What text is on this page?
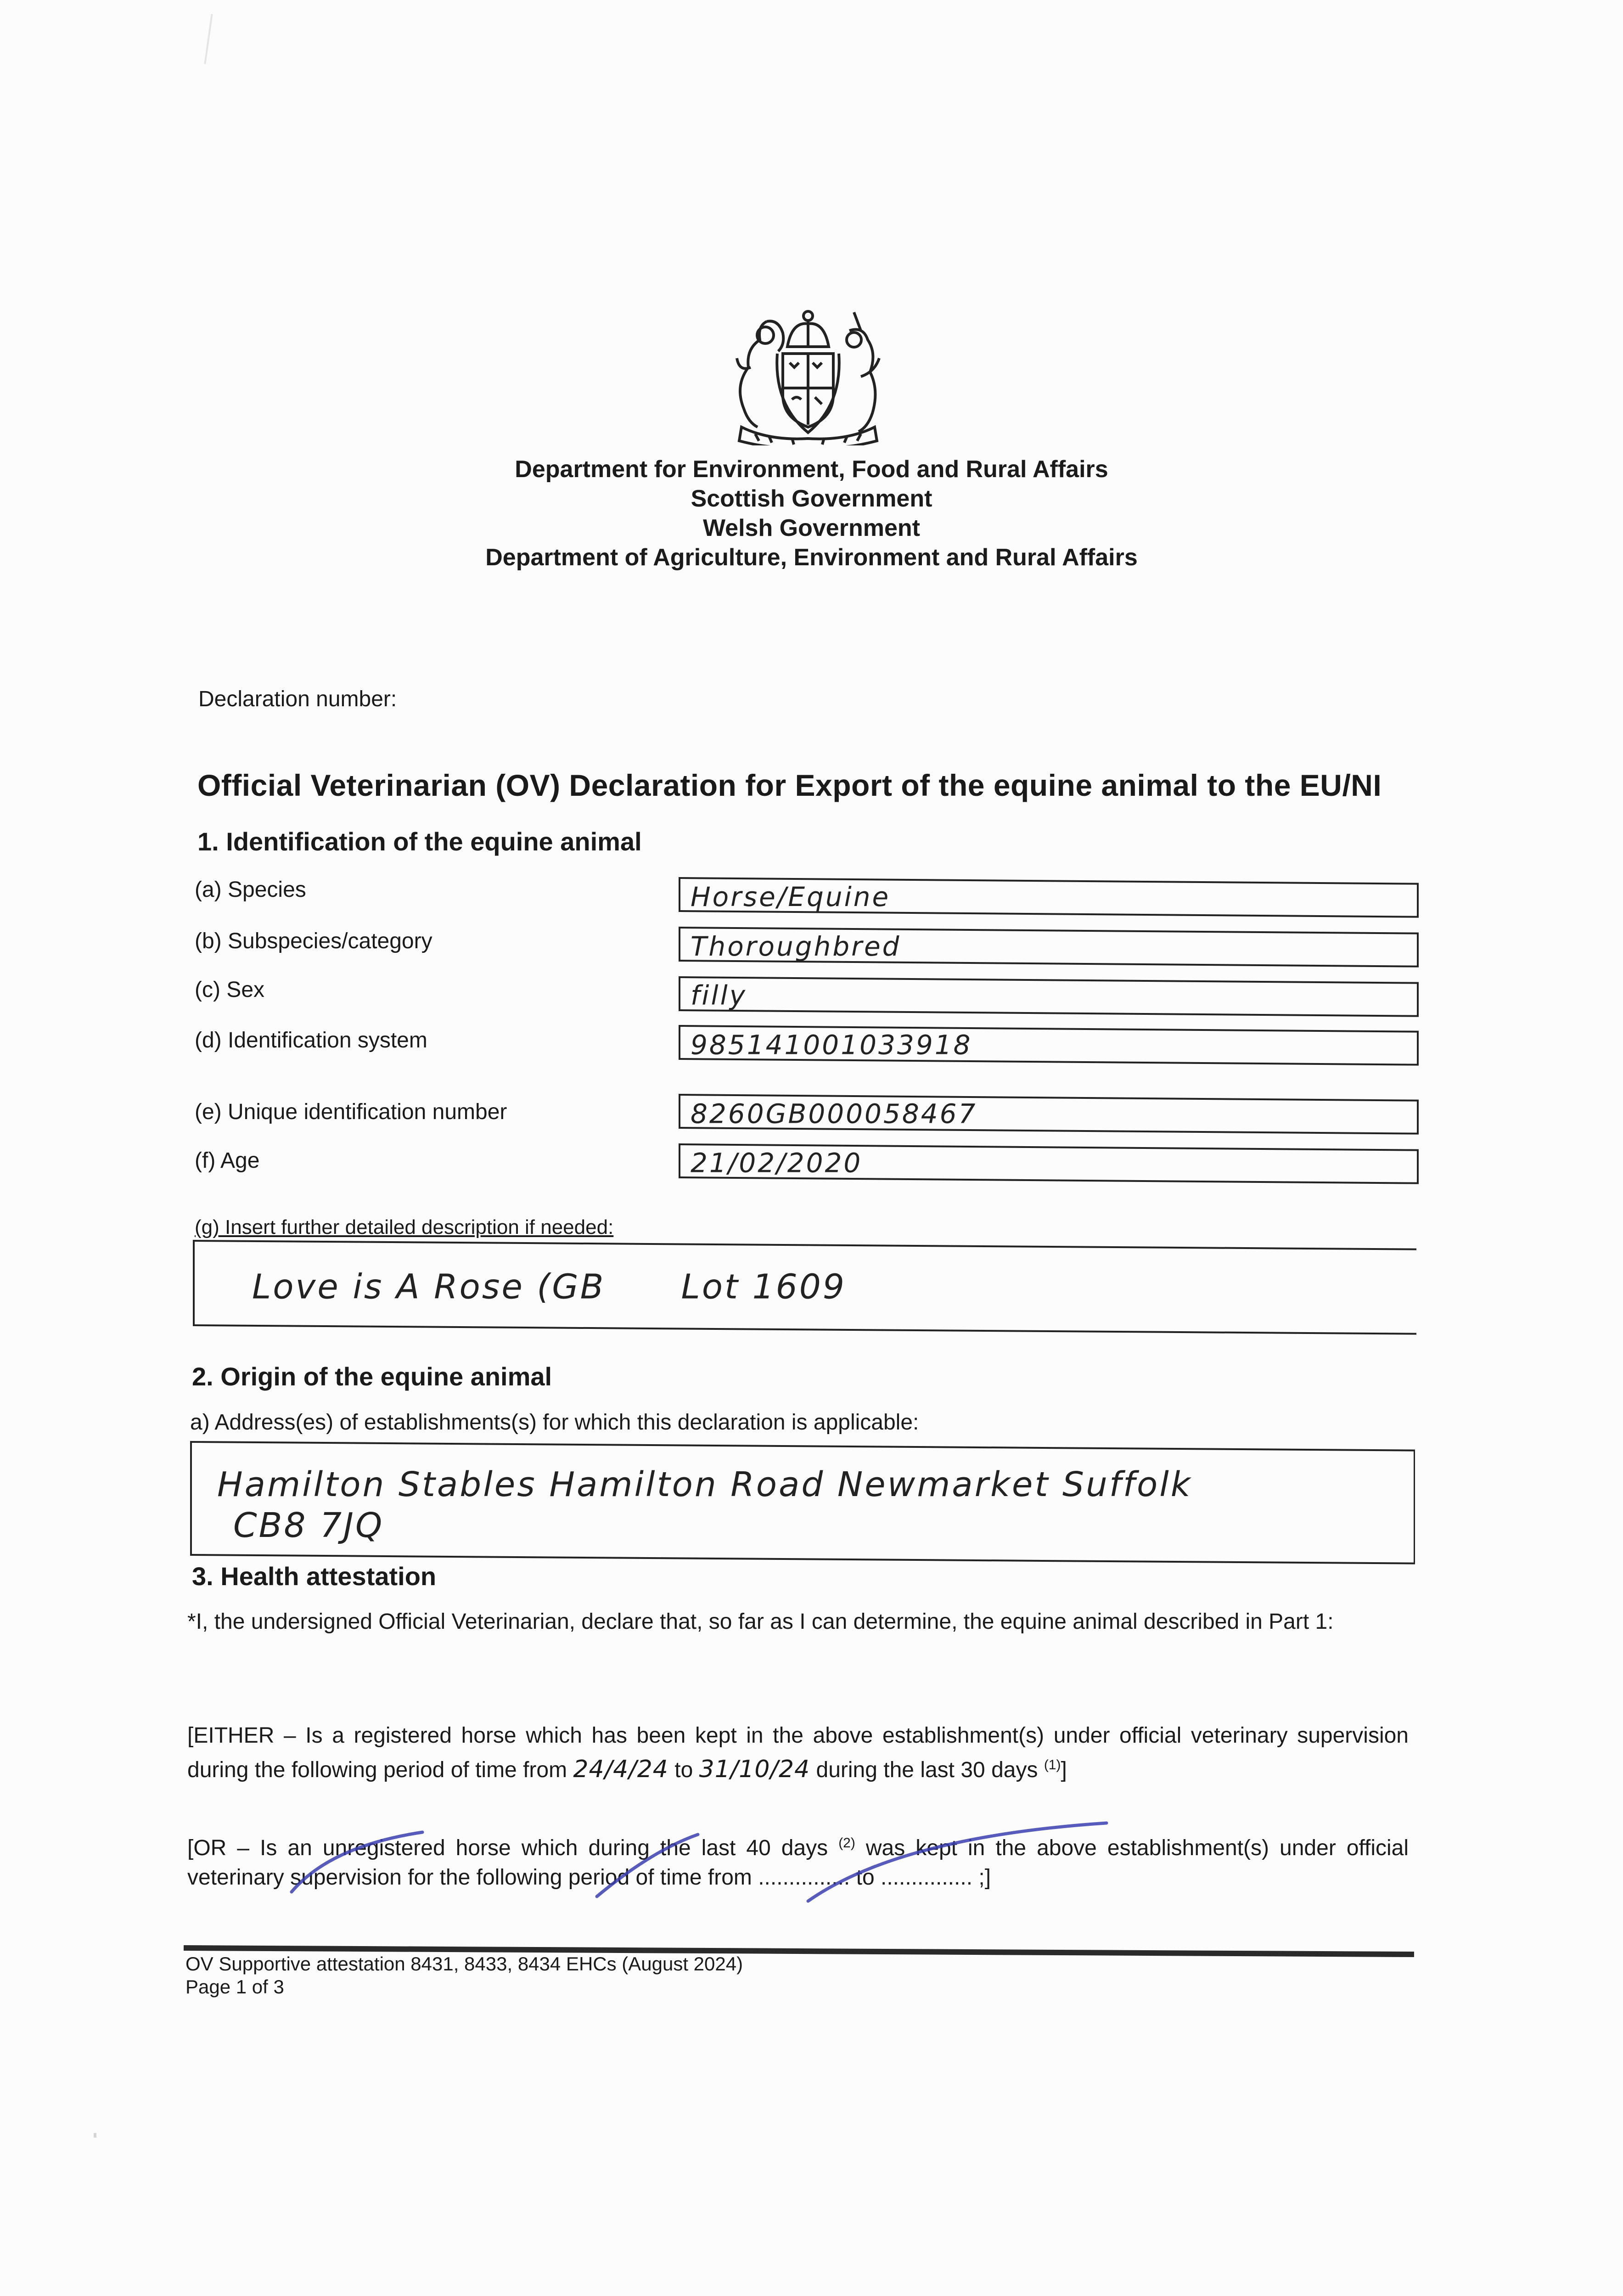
Department for Environment, Food and Rural Affairs
Scottish Government
Welsh Government
Department of Agriculture, Environment and Rural Affairs
Declaration number:
Official Veterinarian (OV) Declaration for Export of the equine animal to the EU/NI
1. Identification of the equine animal
(a) Species	Horse/Equine
(b) Subspecies/category	Thoroughbred
(c) Sex	filly
(d) Identification system	985141001033918
(e) Unique identification number	8260GB000058467
(f) Age	21/02/2020
(g) Insert further detailed description if needed:
Love is A Rose (GB      Lot 1609
2. Origin of the equine animal
a) Address(es) of establishments(s) for which this declaration is applicable:
Hamilton Stables Hamilton Road Newmarket Suffolk
CB8 7JQ
3. Health attestation
*I, the undersigned Official Veterinarian, declare that, so far as I can determine, the equine animal described in Part 1:
[EITHER – Is a registered horse which has been kept in the above establishment(s) under official veterinary supervision during the following period of time from 24/4/24 to 31/10/24 during the last 30 days $^{(1)}$]
[OR – Is an unregistered horse which during the last 40 days $^{(2)}$ was kept in the above establishment(s) under official veterinary supervision for the following period of time from ............... to ............... ;]
OV Supportive attestation 8431, 8433, 8434 EHCs (August 2024)
Page 1 of 3
